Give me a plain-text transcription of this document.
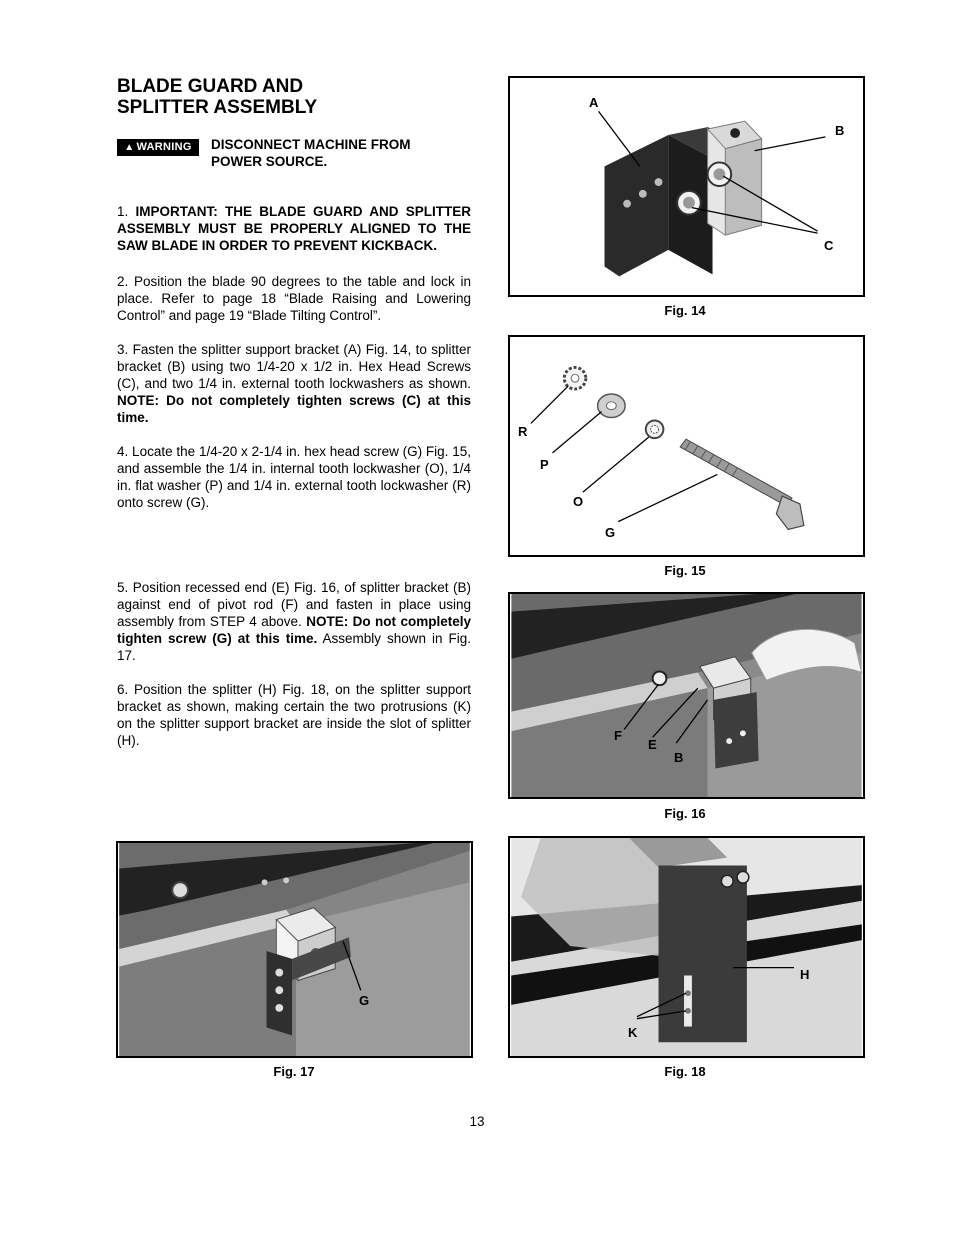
BLADE GUARD AND
SPLITTER ASSEMBLY
▲ WARNING	DISCONNECT MACHINE FROM
POWER SOURCE.

1. IMPORTANT: THE BLADE GUARD AND SPLITTER ASSEMBLY MUST BE PROPERLY ALIGNED TO THE SAW BLADE IN ORDER TO PREVENT KICKBACK.

2. Position the blade 90 degrees to the table and lock in place. Refer to page 18 “Blade Raising and Lowering Control” and page 19 “Blade Tilting Control”.

3. Fasten the splitter support bracket (A) Fig. 14, to splitter bracket (B) using two 1/4-20 x 1/2 in. Hex Head Screws (C), and two 1/4 in. external tooth lockwashers as shown. NOTE: Do not completely tighten screws (C) at this time.

4. Locate the 1/4-20 x 2-1/4 in. hex head screw (G) Fig. 15, and assemble the 1/4 in. internal tooth lockwasher (O), 1/4 in. flat washer (P) and 1/4 in. external tooth lockwasher (R) onto screw (G).

5. Position recessed end (E) Fig. 16, of splitter bracket (B) against end of pivot rod (F) and fasten in place using assembly from STEP 4 above. NOTE: Do not completely tighten screw (G) at this time. Assembly shown in Fig. 17.

6. Position the splitter (H) Fig. 18, on the splitter support bracket as shown, making certain the two protrusions (K) on the splitter support bracket are inside the slot of splitter (H).

A
B
C
Fig. 14
R
P
O
G
Fig. 15
F
E
B
Fig. 16
G
Fig. 17
H
K
Fig. 18
13
